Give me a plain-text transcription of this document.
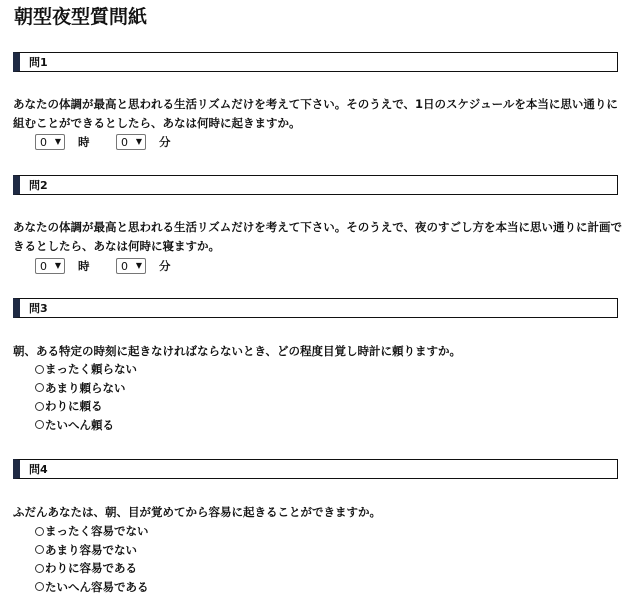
朝型夜型質問紙
問1

あなたの体調が最高と思われる生活リズムだけを考えて下さい。そのうえで、1日のスケジュールを本当に思い通りに組むことができるとしたら、あなは何時に起きますか。

0 ▼ 時	0 ▼ 分
問2

あなたの体調が最高と思われる生活リズムだけを考えて下さい。そのうえで、夜のすごし方を本当に思い通りに計画できるとしたら、あなは何時に寝ますか。

0 ▼ 時	0 ▼ 分
問3

朝、ある特定の時刻に起きなければならないとき、どの程度目覚し時計に頼りますか。

まったく頼らない
あまり頼らない
わりに頼る
たいへん頼る
問4

ふだんあなたは、朝、目が覚めてから容易に起きることができますか。

まったく容易でない
あまり容易でない
わりに容易である
たいへん容易である
